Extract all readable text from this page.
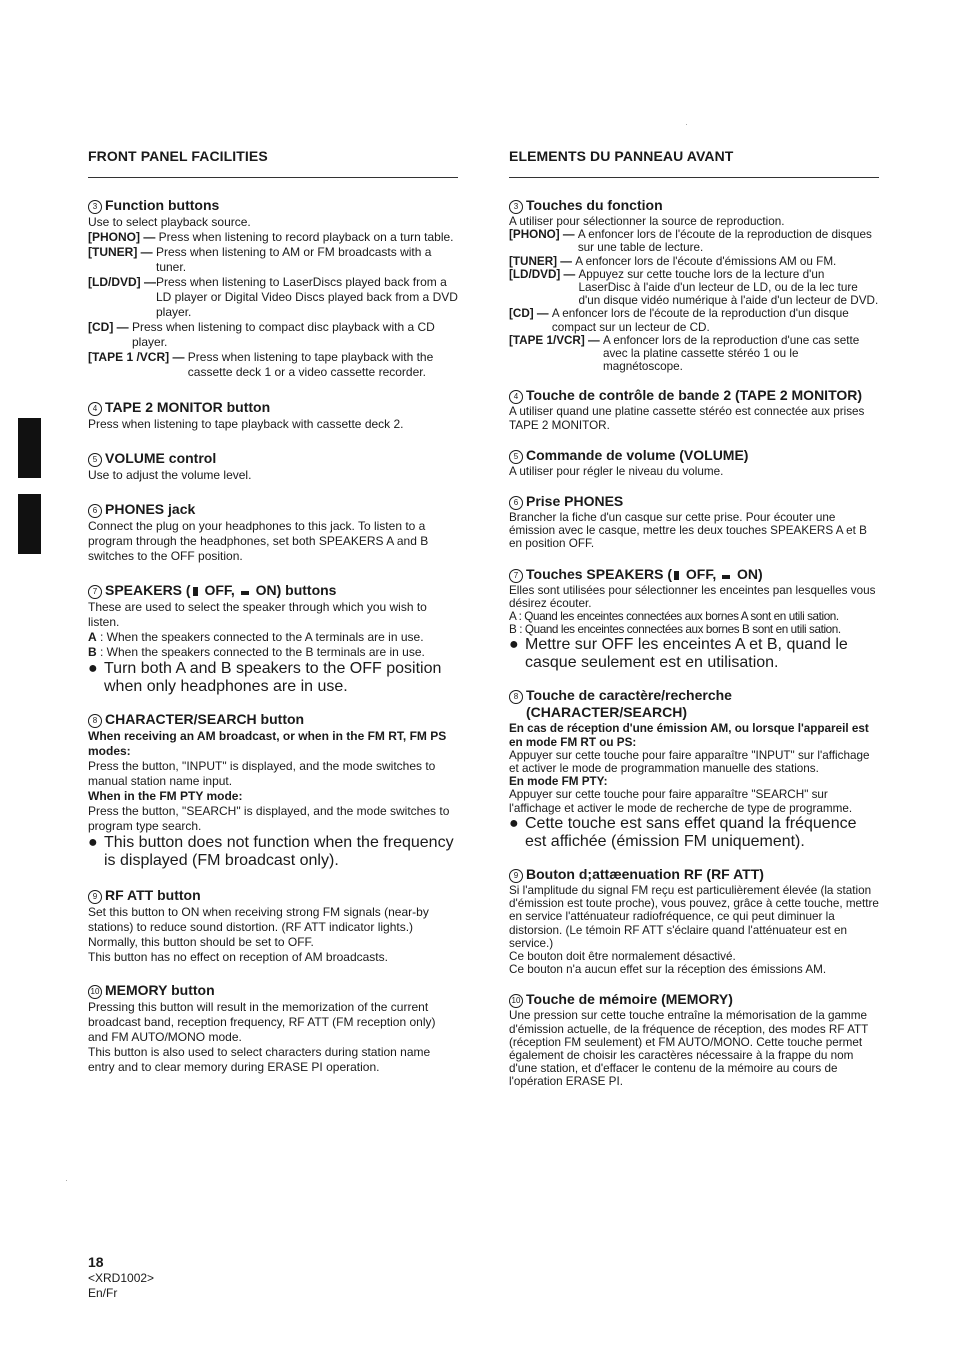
FRONT PANEL FACILITIES
3 Function buttons

Use to select playback source.

[PHONO] — Press when listening to record playback on a turn table.
[TUNER] — Press when listening to AM or FM broadcasts with a tuner.
[LD/DVD] — Press when listening to LaserDiscs played back from a LD player or Digital Video Discs played back from a DVD player.
[CD] — Press when listening to compact disc playback with a CD player.
[TAPE 1 /VCR] — Press when listening to tape playback with the cassette deck 1 or a video cassette recorder.
4 TAPE 2 MONITOR button

Press when listening to tape playback with cassette deck 2.

5 VOLUME control

Use to adjust the volume level.

6 PHONES jack

Connect the plug on your headphones to this jack. To listen to a program through the headphones, set both SPEAKERS A and B switches to the OFF position.

7 SPEAKERS ( OFF,  ON) buttons

These are used to select the speaker through which you wish to listen.

A : When the speakers connected to the A terminals are in use.

B : When the speakers connected to the B terminals are in use.

● Turn both A and B speakers to the OFF position when only headphones are in use.
8 CHARACTER/SEARCH button

When receiving an AM broadcast, or when in the FM RT, FM PS modes:

Press the button, "INPUT" is displayed, and the mode switches to manual station name input.

When in the FM PTY mode:

Press the button, "SEARCH" is displayed, and the mode switches to program type search.

● This button does not function when the frequency is displayed (FM broadcast only).
9 RF ATT button

Set this button to ON when receiving strong FM signals (near-by stations) to reduce sound distortion. (RF ATT indicator lights.)

Normally, this button should be set to OFF.

This button has no effect on reception of AM broadcasts.

10 MEMORY button

Pressing this button will result in the memorization of the current broadcast band, reception frequency, RF ATT (FM reception only) and FM AUTO/MONO mode.

This button is also used to select characters during station name entry and to clear memory during ERASE PI operation.

ELEMENTS DU PANNEAU AVANT
3 Touches du fonction

A utiliser pour sélectionner la source de reproduction.

[PHONO] — A enfoncer lors de l'écoute de la reproduction de disques sur une table de lecture.
[TUNER] — A enfoncer lors de l'écoute d'émissions AM ou FM.
[LD/DVD] — Appuyez sur cette touche lors de la lecture d'un LaserDisc à l'aide d'un lecteur de LD, ou de la lec ture d'un disque vidéo numérique à l'aide d'un lecteur de DVD.
[CD] — A enfoncer lors de l'écoute de la reproduction d'un disque compact sur un lecteur de CD.
[TAPE 1/VCR] — A enfoncer lors de la reproduction d'une cas sette avec la platine cassette stéréo 1 ou le magnétoscope.
4 Touche de contrôle de bande 2 (TAPE 2 MONITOR)

A utiliser quand une platine cassette stéréo est connectée aux prises TAPE 2 MONITOR.

5 Commande de volume (VOLUME)

A utiliser pour régler le niveau du volume.

6 Prise PHONES

Brancher la fiche d'un casque sur cette prise. Pour écouter une émission avec le casque, mettre les deux touches SPEAKERS A et B en position OFF.

7 Touches SPEAKERS ( OFF,  ON)

Elles sont utilisées pour sélectionner les enceintes pan lesquelles vous désirez écouter.

A : Quand les enceintes connectées aux bornes A sont en utili sation.

B : Quand les enceintes connectées aux bornes B sont en utili sation.

● Mettre sur OFF les enceintes A et B, quand le casque seulement est en utilisation.
8 Touche de caractère/recherche (CHARACTER/SEARCH)

En cas de réception d'une émission AM, ou lorsque l'appareil est en mode FM RT ou PS:

Appuyer sur cette touche pour faire apparaître "INPUT" sur l'affichage et activer le mode de programmation manuelle des stations.

En mode FM PTY:

Appuyer sur cette touche pour faire apparaître "SEARCH" sur l'affichage et activer le mode de recherche de type de programme.

● Cette touche est sans effet quand la fréquence est affichée (émission FM uniquement).
9 Bouton d;attæenuation RF (RF ATT)

Si l'amplitude du signal FM reçu est particulièrement élevée (la station d'émission est toute proche), vous pouvez, grâce à cette touche, mettre en service l'atténuateur radiofréquence, ce qui peut diminuer la distorsion. (Le témoin RF ATT s'éclaire quand l'atténuateur est en service.)

Ce bouton doit être normalement désactivé.

Ce bouton n'a aucun effet sur la réception des émissions AM.

10 Touche de mémoire (MEMORY)

Une pression sur cette touche entraîne la mémorisation de la gamme d'émission actuelle, de la fréquence de réception, des modes RF ATT (réception FM seulement) et FM AUTO/MONO. Cette touche permet également de choisir les caractères nécessaire à la frappe du nom d'une station, et d'effacer le contenu de la mémoire au cours de l'opération ERASE PI.

18
<XRD1002>
En/Fr
